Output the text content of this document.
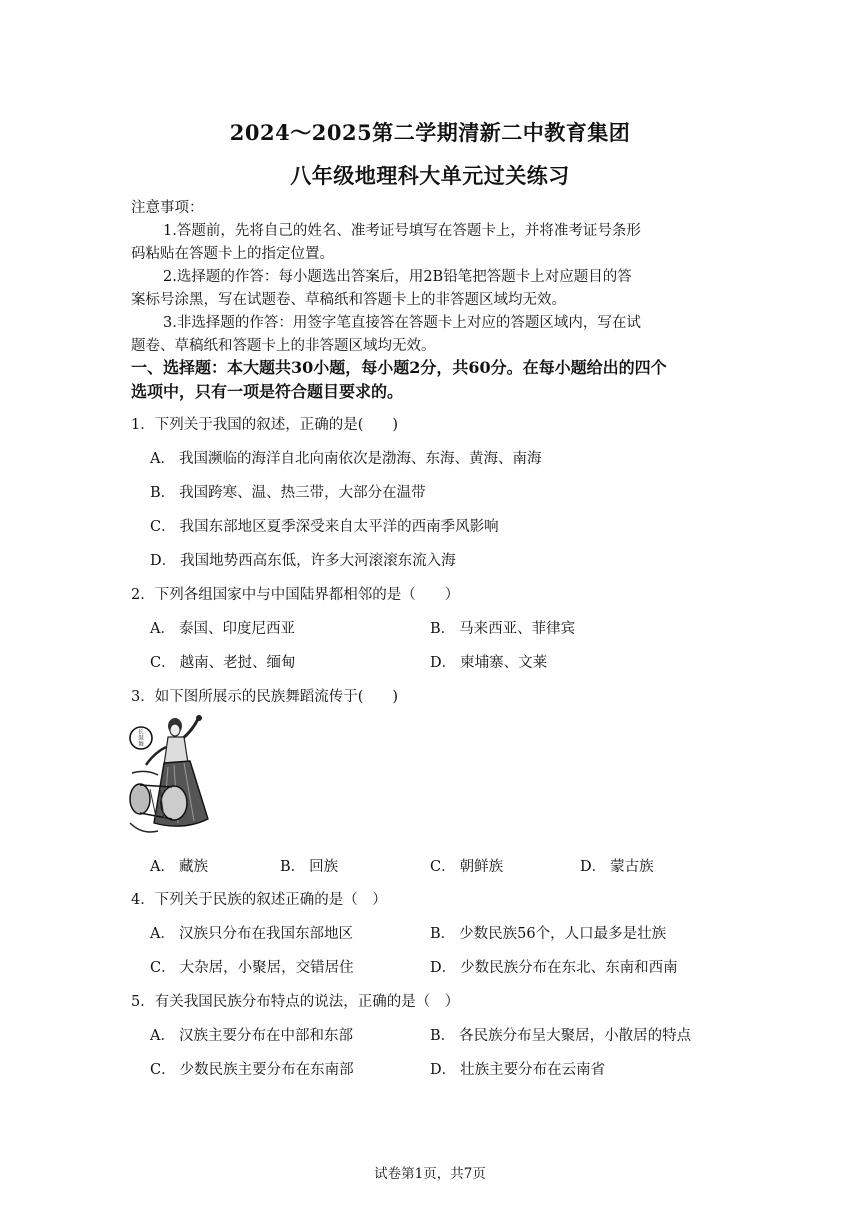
2024～2025第二学期清新二中教育集团
八年级地理科大单元过关练习
注意事项：
1.答题前，先将自己的姓名、准考证号填写在答题卡上，并将准考证号条形
码粘贴在答题卡上的指定位置。
2.选择题的作答：每小题选出答案后，用2B铅笔把答题卡上对应题目的答
案标号涂黑，写在试题卷、草稿纸和答题卡上的非答题区域均无效。
3.非选择题的作答：用签字笔直接答在答题卡上对应的答题区域内，写在试
题卷、草稿纸和答题卡上的非答题区域均无效。
一、选择题：本大题共30小题，每小题2分，共60分。在每小题给出的四个
选项中，只有一项是符合题目要求的。
1．下列关于我国的叙述，正确的是(　　)
A． 我国濒临的海洋自北向南依次是渤海、东海、黄海、南海
B． 我国跨寒、温、热三带，大部分在温带
C． 我国东部地区夏季深受来自太平洋的西南季风影响
D． 我国地势西高东低，许多大河滚滚东流入海
2．下列各组国家中与中国陆界都相邻的是（　　）
A． 泰国、印度尼西亚	B． 马来西亚、菲律宾
C． 越南、老挝、缅甸	D． 柬埔寨、文莱
3．如下图所展示的民族舞蹈流传于(　　)
长鼓舞
A． 藏族	B． 回族	C． 朝鲜族	D． 蒙古族
4．下列关于民族的叙述正确的是（　）
A． 汉族只分布在我国东部地区	B． 少数民族56个，人口最多是壮族
C． 大杂居，小聚居，交错居住	D． 少数民族分布在东北、东南和西南
5．有关我国民族分布特点的说法，正确的是（　）
A． 汉族主要分布在中部和东部	B． 各民族分布呈大聚居，小散居的特点
C． 少数民族主要分布在东南部	D． 壮族主要分布在云南省
试卷第1页，共7页
